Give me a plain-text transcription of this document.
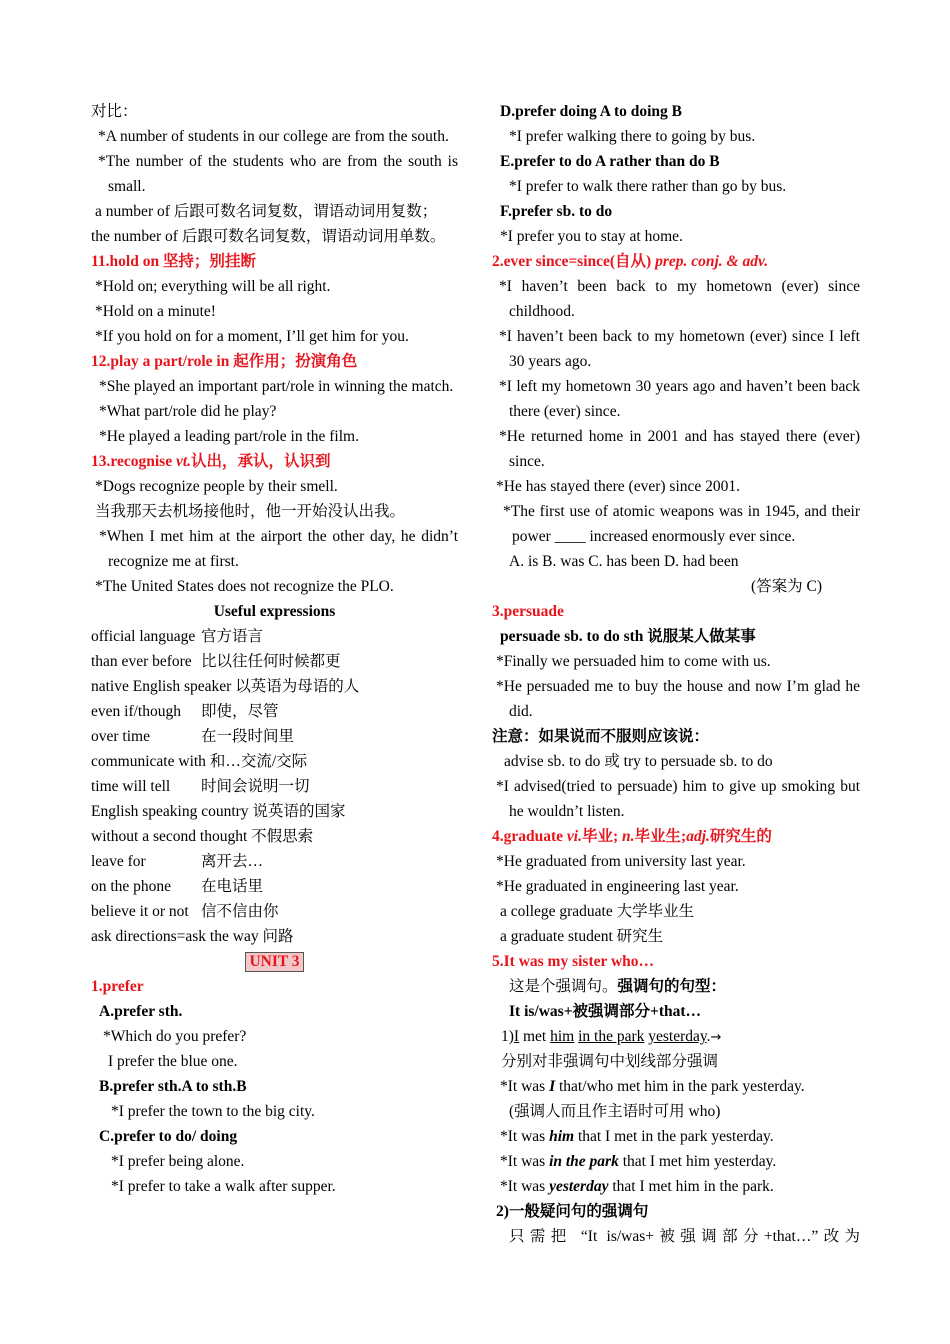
对比：
*A number of students in our college are from the south.
*The number of the students who are from the south is small.
a number of 后跟可数名词复数，谓语动词用复数；
the number of 后跟可数名词复数，谓语动词用单数。
11.hold on 坚持；别挂断
*Hold on; everything will be all right.
*Hold on a minute!
*If you hold on for a moment, I’ll get him for you.
12.play a part/role in 起作用；扮演角色
*She played an important part/role in winning the match.
*What part/role did he play?
*He played a leading part/role in the film.
13.recognise vt.认出，承认，认识到
*Dogs recognize people by their smell.
当我那天去机场接他时，他一开始没认出我。
*When I met him at the airport the other day, he didn’t recognize me at first.
*The United States does not recognize the PLO.
Useful expressions
official language 官方语言
than ever before 比以往任何时候都更
native English speaker 以英语为母语的人
even if/though 即使，尽管
over time	在一段时间里
communicate with 和…交流/交际
time will tell 时间会说明一切
English speaking country 说英语的国家
without a second thought 不假思索
leave for	离开去…
on the phone 在电话里
believe it or not 信不信由你
ask directions=ask the way 问路
UNIT 3
1.prefer
A.prefer sth.
*Which do you prefer?
I prefer the blue one.
B.prefer sth.A to sth.B
*I prefer the town to the big city.
C.prefer to do/ doing
*I prefer being alone.
*I prefer to take a walk after supper.
D.prefer doing A to doing B
*I prefer walking there to going by bus.
E.prefer to do A rather than do B
*I prefer to walk there rather than go by bus.
F.prefer sb. to do
*I prefer you to stay at home.
2.ever since=since(自从) prep. conj. & adv.
*I haven’t been back to my hometown (ever) since childhood.
*I haven’t been back to my hometown (ever) since I left 30 years ago.
*I left my hometown 30 years ago and haven’t been back there (ever) since.
*He returned home in 2001 and has stayed there (ever) since.
*He has stayed there (ever) since 2001.
*The first use of atomic weapons was in 1945, and their power ____ increased enormously ever since.
A. is B. was C. has been D. had been
(答案为 C)
3.persuade
persuade sb. to do sth 说服某人做某事
*Finally we persuaded him to come with us.
*He persuaded me to buy the house and now I’m glad he did.
注意：如果说而不服则应该说：
advise sb. to do 或 try to persuade sb. to do
*I advised(tried to persuade) him to give up smoking but he wouldn’t listen.
4.graduate vi.毕业; n.毕业生;adj.研究生的
*He graduated from university last year.
*He graduated in engineering last year.
a college graduate 大学毕业生
a graduate student 研究生
5.It was my sister who…
这是个强调句。强调句的句型：
It is/was+被强调部分+that…
1)I met him in the park yesterday.→
分别对非强调句中划线部分强调
*It was I that/who met him in the park yesterday.
(强调人而且作主语时可用 who)
*It was him that I met in the park yesterday.
*It was in the park that I met him yesterday.
*It was yesterday that I met him in the park.
2)一般疑问句的强调句
只需把 “It is/was+被强调部分+that…”改为
